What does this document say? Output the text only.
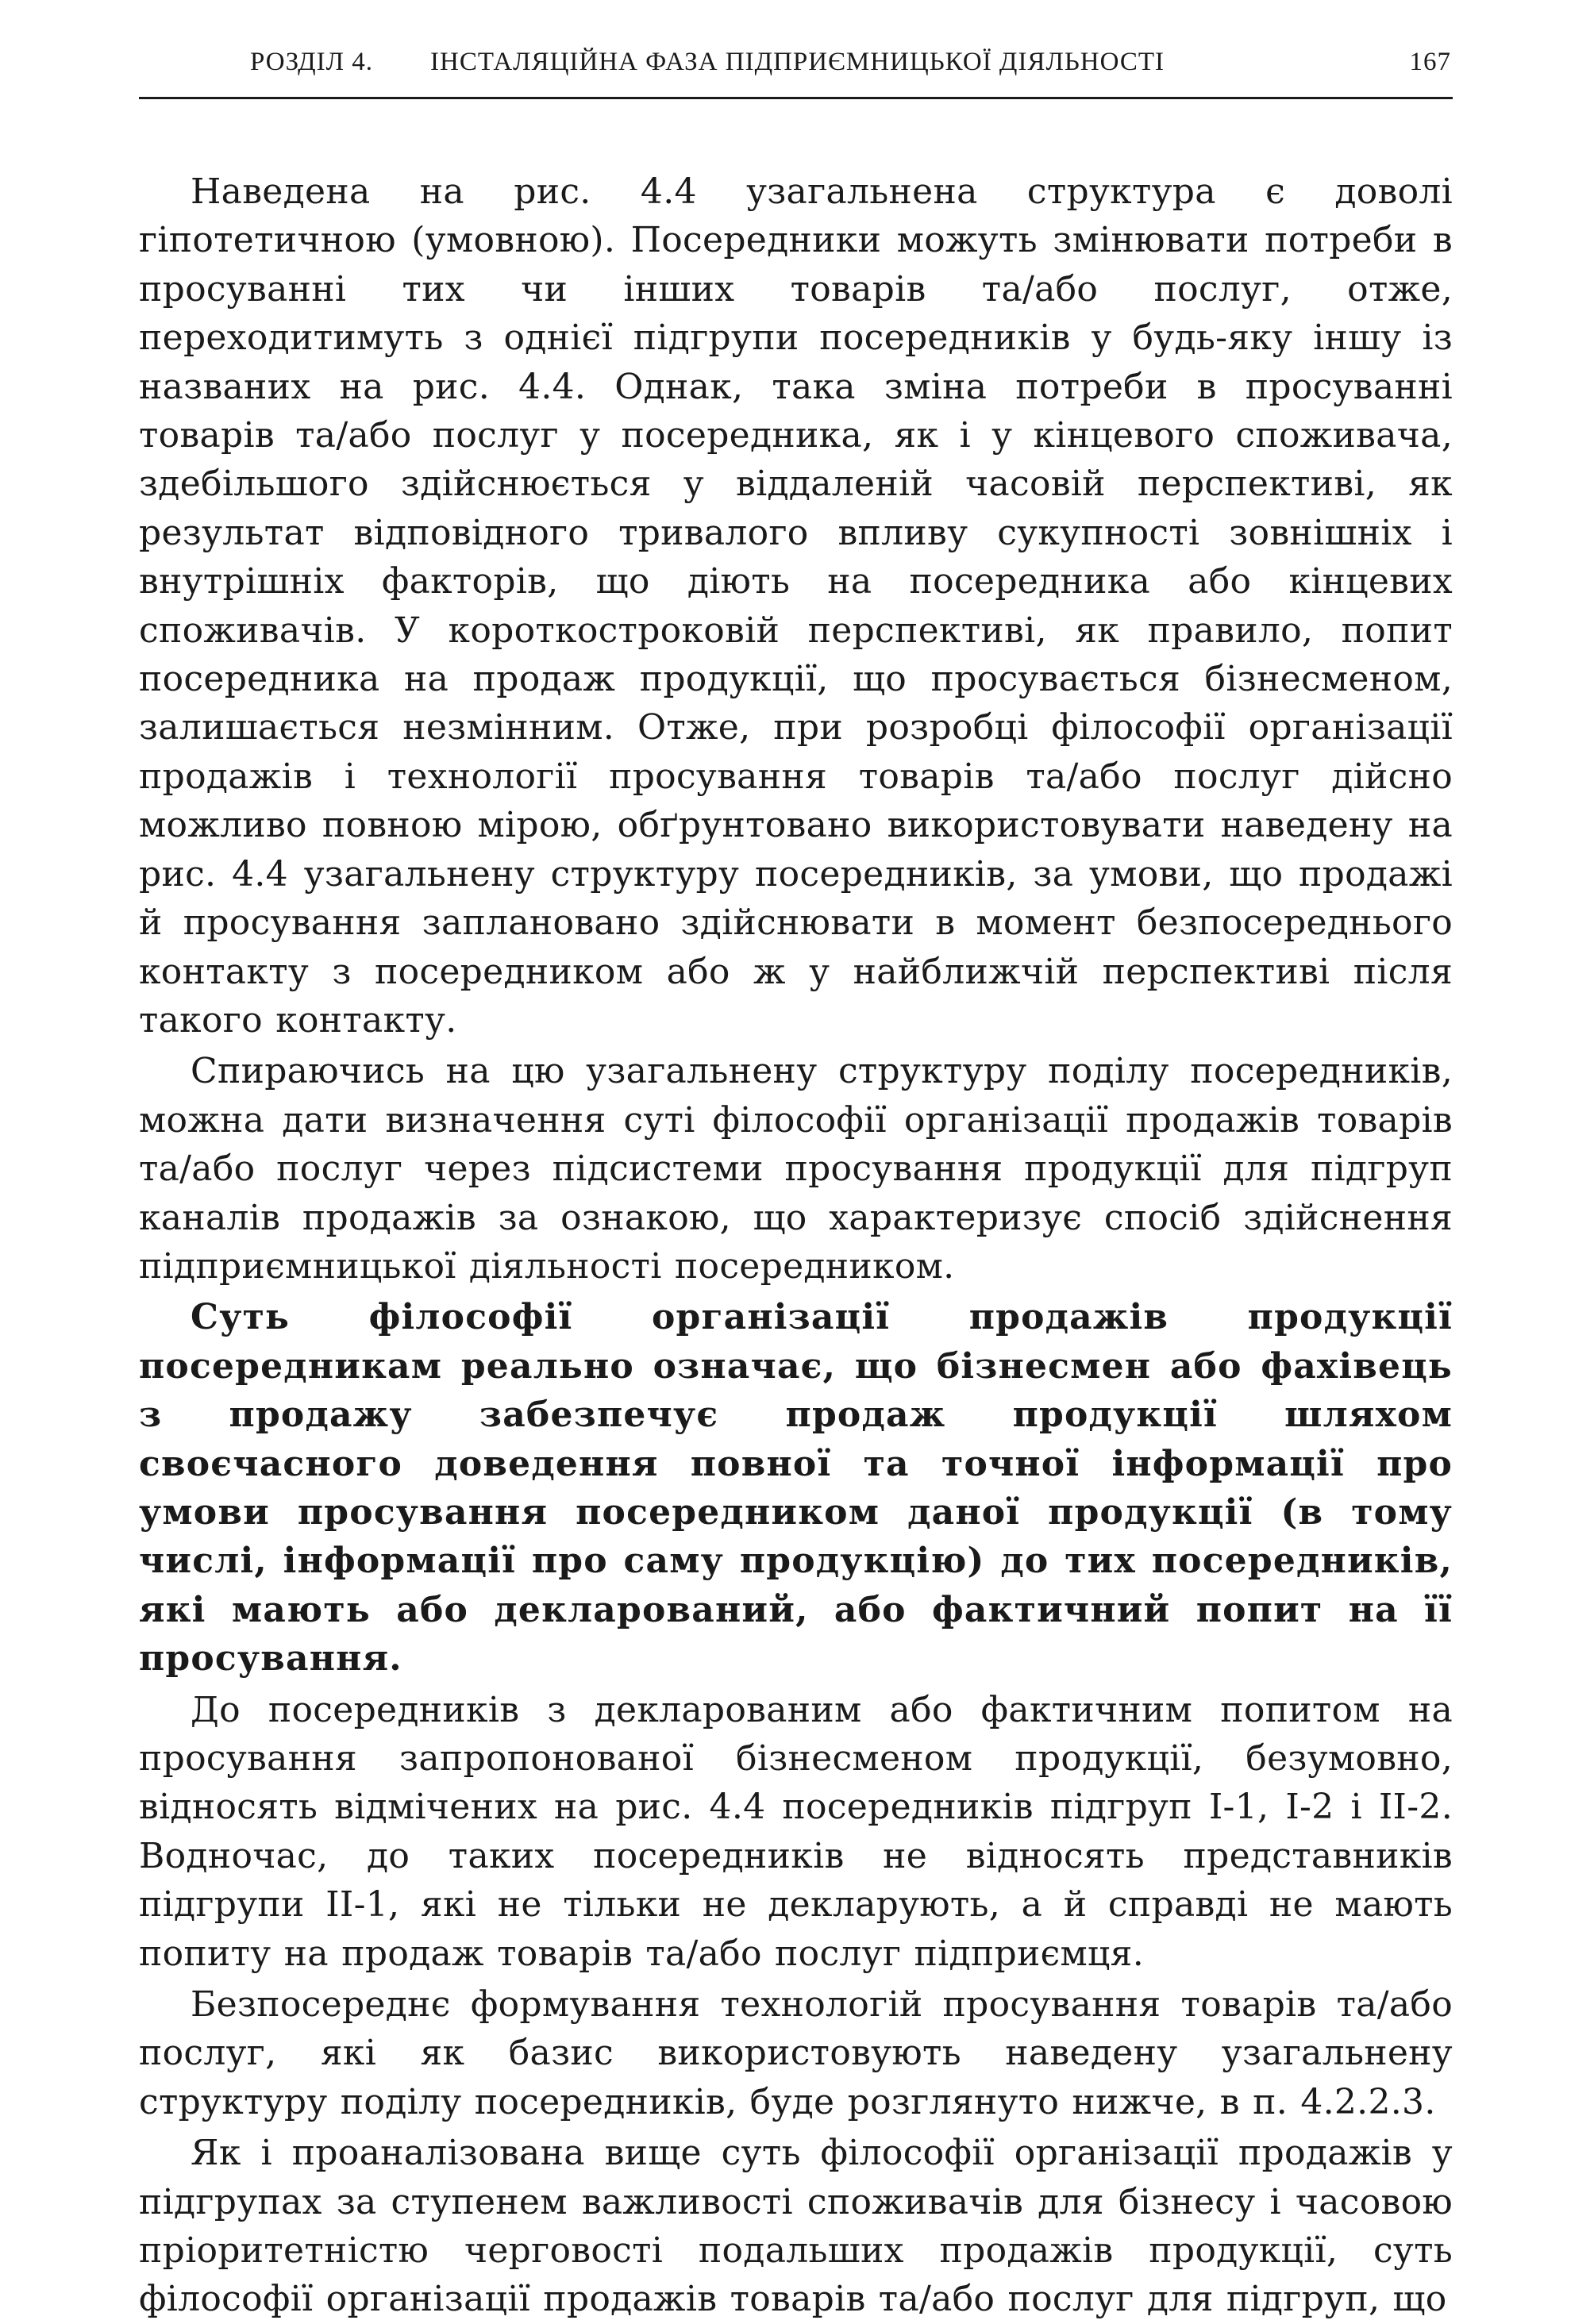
РОЗДІЛ 4. ІНСТАЛЯЦІЙНА ФАЗА ПІДПРИЄМНИЦЬКОЇ ДІЯЛЬНОСТІ	167

Наведена на рис. 4.4 узагальнена структура є доволі гіпотетичною (умовною). Посередники можуть змінювати потреби в просуванні тих чи інших товарів та/або послуг, отже, переходитимуть з однієї підгрупи посередників у будь-яку іншу із названих на рис. 4.4. Однак, така зміна потреби в просуванні товарів та/або послуг у посередника, як і у кінцевого споживача, здебільшого здійснюється у віддаленій часовій перспективі, як результат відповідного тривалого впливу сукупності зовнішніх і внутрішніх факторів, що діють на посередника або кінцевих споживачів. У короткостроковій перспективі, як правило, попит посередника на продаж продукції, що просувається бізнесменом, залишається незмінним. Отже, при розробці філософії організації продажів і технології просування товарів та/або послуг дійсно можливо повною мірою, обґрунтовано використовувати наведену на рис. 4.4 узагальнену структуру посередників, за умови, що продажі й просування заплановано здійснювати в момент безпосереднього контакту з посередником або ж у найближчій перспективі після такого контакту.

Спираючись на цю узагальнену структуру поділу посередників, можна дати визначення суті філософії організації продажів товарів та/або послуг через підсистеми просування продукції для підгруп каналів продажів за ознакою, що характеризує спосіб здійснення підприємницької діяльності посередником.

Суть філософії організації продажів продукції посередникам реально означає, що бізнесмен або фахівець з продажу забезпечує продаж продукції шляхом своєчасного доведення повної та точної інформації про умови просування посередником даної продукції (в тому числі, інформації про саму продукцію) до тих посередників, які мають або декларований, або фактичний попит на її просування.

До посередників з декларованим або фактичним попитом на просування запропонованої бізнесменом продукції, безумовно, відносять відмічених на рис. 4.4 посередників підгруп І-1, І-2 і ІІ-2. Водночас, до таких посередників не відносять представників підгрупи ІІ-1, які не тільки не декларують, а й справді не мають попиту на продаж товарів та/або послуг підприємця.

Безпосереднє формування технологій просування товарів та/або послуг, які як базис використовують наведену узагальнену структуру поділу посередників, буде розглянуто нижче, в п. 4.2.2.3.

Як і проаналізована вище суть філософії організації продажів у підгрупах за ступенем важливості споживачів для бізнесу і часовою пріоритетністю черговості подальших продажів продукції, суть філософії організації продажів товарів та/або послуг для підгруп, що
